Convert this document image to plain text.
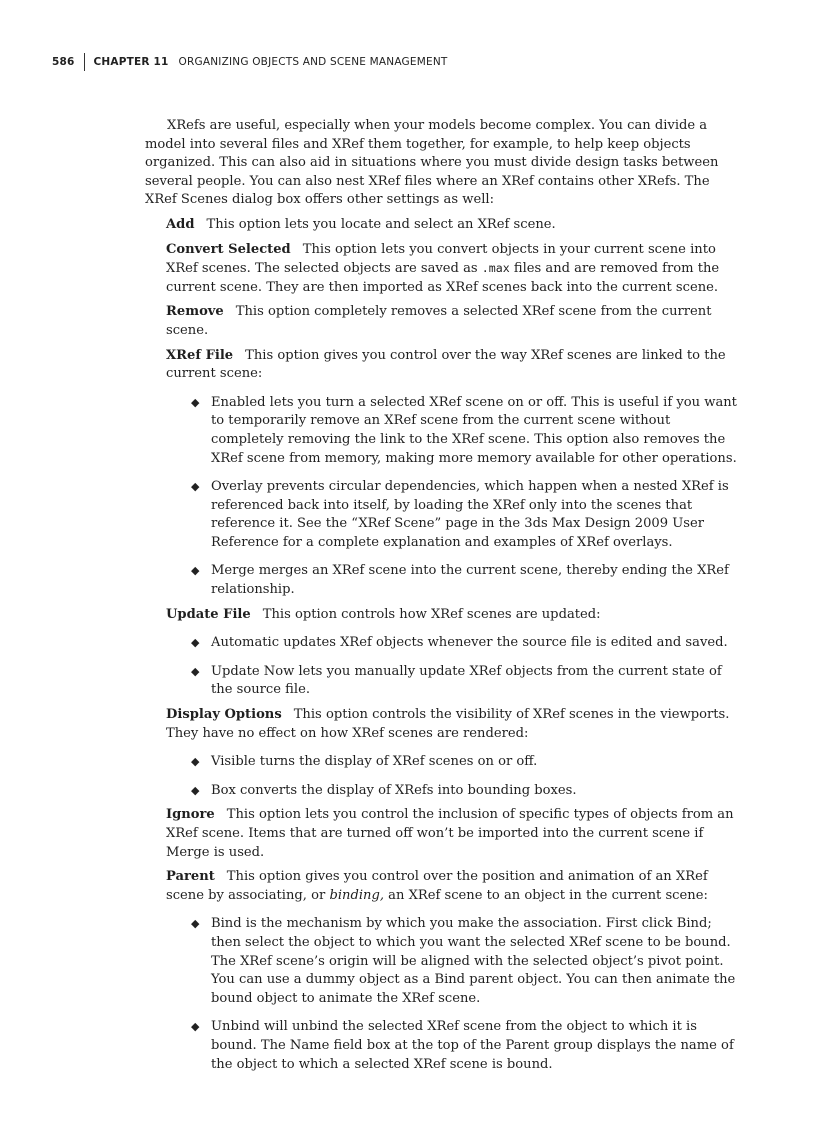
586	CHAPTER 11 ORGANIZING OBJECTS AND SCENE MANAGEMENT

XRefs are useful, especially when your models become complex. You can divide a model into several files and XRef them together, for example, to help keep objects organized. This can also aid in situations where you must divide design tasks between several people. You can also nest XRef files where an XRef contains other XRefs. The XRef Scenes dialog box offers other settings as well:

Add This option lets you locate and select an XRef scene.

Convert Selected This option lets you convert objects in your current scene into XRef scenes. The selected objects are saved as .max files and are removed from the current scene. They are then imported as XRef scenes back into the current scene.

Remove This option completely removes a selected XRef scene from the current scene.

XRef File This option gives you control over the way XRef scenes are linked to the current scene:

◆ Enabled lets you turn a selected XRef scene on or off. This is useful if you want to temporarily remove an XRef scene from the current scene without completely removing the link to the XRef scene. This option also removes the XRef scene from memory, making more memory available for other operations.
◆ Overlay prevents circular dependencies, which happen when a nested XRef is referenced back into itself, by loading the XRef only into the scenes that reference it. See the “XRef Scene” page in the 3ds Max Design 2009 User Reference for a complete explanation and examples of XRef overlays.
◆ Merge merges an XRef scene into the current scene, thereby ending the XRef relationship.

Update File This option controls how XRef scenes are updated:

◆ Automatic updates XRef objects whenever the source file is edited and saved.
◆ Update Now lets you manually update XRef objects from the current state of the source file.

Display Options This option controls the visibility of XRef scenes in the viewports. They have no effect on how XRef scenes are rendered:

◆ Visible turns the display of XRef scenes on or off.
◆ Box converts the display of XRefs into bounding boxes.

Ignore This option lets you control the inclusion of specific types of objects from an XRef scene. Items that are turned off won’t be imported into the current scene if Merge is used.

Parent This option gives you control over the position and animation of an XRef scene by associating, or binding, an XRef scene to an object in the current scene:

◆ Bind is the mechanism by which you make the association. First click Bind; then select the object to which you want the selected XRef scene to be bound. The XRef scene’s origin will be aligned with the selected object’s pivot point. You can use a dummy object as a Bind parent object. You can then animate the bound object to animate the XRef scene.
◆ Unbind will unbind the selected XRef scene from the object to which it is bound. The Name field box at the top of the Parent group displays the name of the object to which a selected XRef scene is bound.
